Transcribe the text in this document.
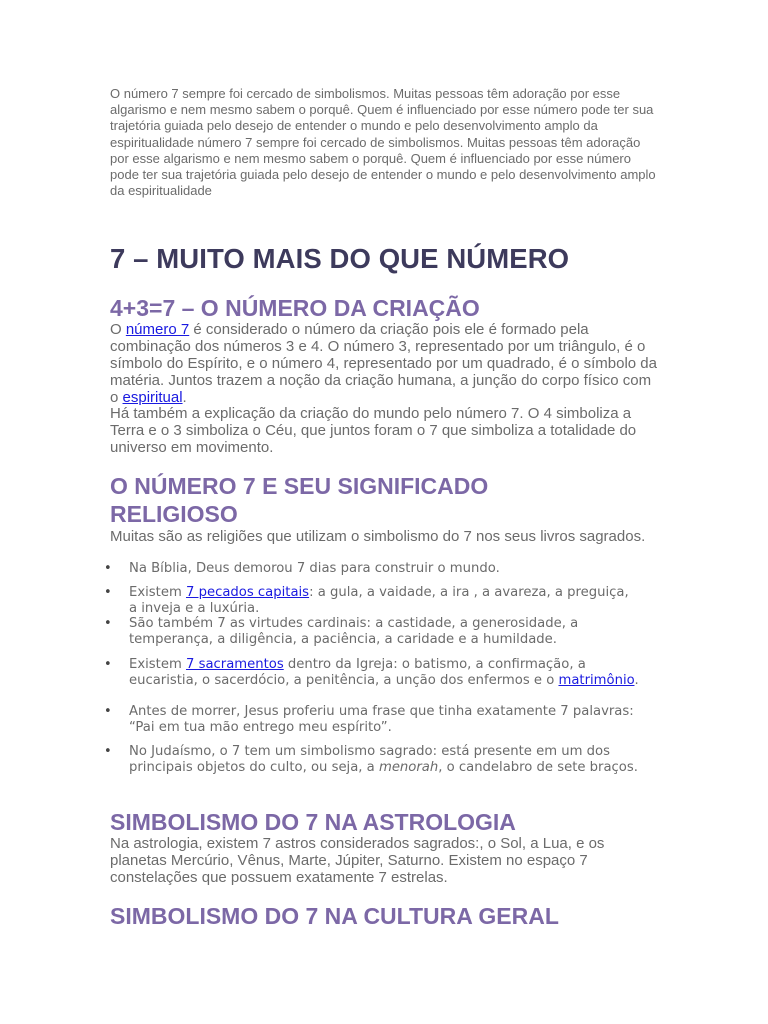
O número 7 sempre foi cercado de simbolismos. Muitas pessoas têm adoração por esse algarismo e nem mesmo sabem o porquê. Quem é influenciado por esse número pode ter sua trajetória guiada pelo desejo de entender o mundo e pelo desenvolvimento amplo da espiritualidade número 7 sempre foi cercado de simbolismos. Muitas pessoas têm adoração por esse algarismo e nem mesmo sabem o porquê. Quem é influenciado por esse número pode ter sua trajetória guiada pelo desejo de entender o mundo e pelo desenvolvimento amplo da espiritualidade

7 – MUITO MAIS DO QUE NÚMERO
4+3=7 – O NÚMERO DA CRIAÇÃO

O número 7 é considerado o número da criação pois ele é formado pela combinação dos números 3 e 4. O número 3, representado por um triângulo, é o símbolo do Espírito, e o número 4, representado por um quadrado, é o símbolo da matéria. Juntos trazem a noção da criação humana, a junção do corpo físico com o espiritual.

Há também a explicação da criação do mundo pelo número 7. O 4 simboliza a Terra e o 3 simboliza o Céu, que juntos foram o 7 que simboliza a totalidade do universo em movimento.

O NÚMERO 7 E SEU SIGNIFICADO RELIGIOSO

Muitas são as religiões que utilizam o simbolismo do 7 nos seus livros sagrados.

• Na Bíblia, Deus demorou 7 dias para construir o mundo.
• Existem 7 pecados capitais: a gula, a vaidade, a ira , a avareza, a preguiça, a inveja e a luxúria.
• São também 7 as virtudes cardinais: a castidade, a generosidade, a temperança, a diligência, a paciência, a caridade e a humildade.
• Existem 7 sacramentos dentro da Igreja: o batismo, a confirmação, a eucaristia, o sacerdócio, a penitência, a unção dos enfermos e o matrimônio.
• Antes de morrer, Jesus proferiu uma frase que tinha exatamente 7 palavras: “Pai em tua mão entrego meu espírito”.
• No Judaísmo, o 7 tem um simbolismo sagrado: está presente em um dos principais objetos do culto, ou seja, a menorah, o candelabro de sete braços.
SIMBOLISMO DO 7 NA ASTROLOGIA

Na astrologia, existem 7 astros considerados sagrados:, o Sol, a Lua, e os planetas Mercúrio, Vênus, Marte, Júpiter, Saturno. Existem no espaço 7 constelações que possuem exatamente 7 estrelas.

SIMBOLISMO DO 7 NA CULTURA GERAL
